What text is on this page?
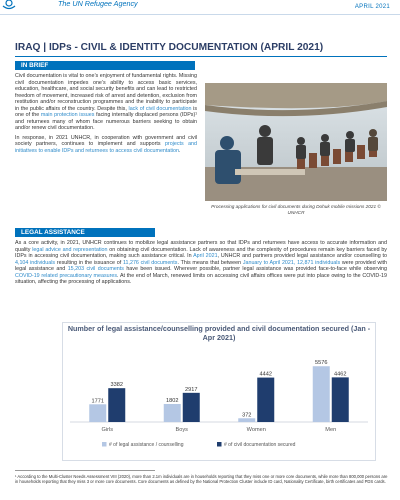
The UN Refugee Agency	APRIL 2021
IRAQ | IDPs - CIVIL & IDENTITY DOCUMENTATION (APRIL 2021)
IN BRIEF

Civil documentation is vital to one’s enjoyment of fundamental rights. Missing civil documentation impedes one’s ability to access basic services, education, healthcare, and social security benefits and can lead to restricted freedom of movement, increased risk of arrest and detention, exclusion from restitution and/or reconstruction programmes and the inability to participate in the public affairs of the country. Despite this, lack of civil documentation is one of the main protection issues facing internally displaced persons (IDPs)¹ and returnees many of whom face numerous barriers seeking to obtain and/or renew civil documentation.

In response, in 2021 UNHCR, in cooperation with government and civil society partners, continues to implement and supports projects and initiatives to enable IDPs and returnees to access civil documentation.

Processing applications for civil documents during Dohuk mobile missions 2021 © UNHCR
LEGAL ASSISTANCE
As a core activity, in 2021, UNHCR continues to mobilize legal assistance partners so that IDPs and returnees have access to accurate information and quality legal advice and representation on obtaining civil documentation. Lack of awareness and the complexity of procedures remain key barriers faced by IDPs in accessing civil documentation, making such assistance critical. In April 2021, UNHCR and partners provided legal assistance and/or counselling to 4,104 individuals resulting in the issuance of 11,276 civil documents. This means that between January to April 2021, 12,871 individuals were provided with legal assistance and 15,203 civil documents have been issued. Wherever possible, partner legal assistance was provided face-to-face while observing COVID-19 related precautionary measures. At the end of March, renewed limits on accessing civil affairs offices were put into place owing to the COVID-19 situation, affecting the processing of applications.
Number of legal assistance/counselling provided and civil documentation secured (Jan - Apr 2021)
1771
3382
Girls
1802
2917
Boys
372
4442
Women
5576
4462
Men
# of legal assistance / counselling	# of civil documentation secured
¹ According to the Multi-Cluster Needs Assessment VIII (2020), more than 2.1m individuals are in households reporting that they miss one or more core documents, while more than 800,000 persons are in households reporting that they miss 3 or more core documents. Core documents as defined by the National Protection Cluster include ID card, Nationality Certificate, birth certificates and PDS cards.
